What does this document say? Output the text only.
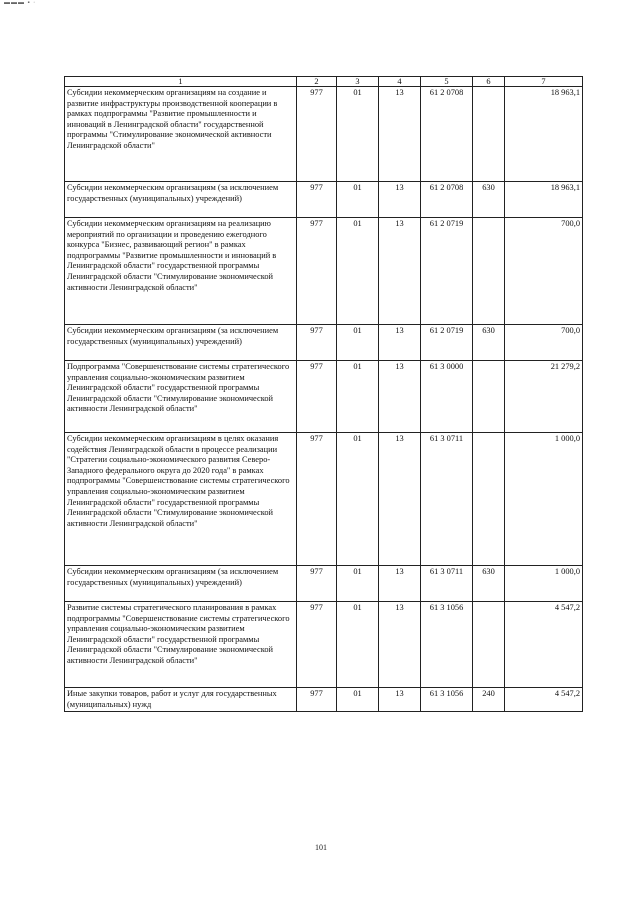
▬▬▬ ▪ ·
1	2	3	4	5	6	7
Субсидии некоммерческим организациям на создание и развитие инфраструктуры производственной кооперации в рамках подпрограммы "Развитие промышленности и инноваций в Ленинградской области" государственной программы "Стимулирование экономической активности Ленинградской области"	977	01	13	61 2 0708		18 963,1
Субсидии некоммерческим организациям (за исключением государственных (муниципальных) учреждений)	977	01	13	61 2 0708	630	18 963,1
Субсидии некоммерческим организациям на реализацию мероприятий по организации и проведению ежегодного конкурса "Бизнес, развивающий регион" в рамках подпрограммы "Развитие промышленности и инноваций в Ленинградской области" государственной программы Ленинградской области "Стимулирование экономической активности Ленинградской области"	977	01	13	61 2 0719		700,0
Субсидии некоммерческим организациям (за исключением государственных (муниципальных) учреждений)	977	01	13	61 2 0719	630	700,0
Подпрограмма "Совершенствование системы стратегического управления социально-экономическим развитием Ленинградской области" государственной программы Ленинградской области "Стимулирование экономической активности Ленинградской области"	977	01	13	61 3 0000		21 279,2
Субсидии некоммерческим организациям в целях оказания содействия Ленинградской области в процессе реализации "Стратегии социально-экономического развития Северо-Западного федерального округа до 2020 года" в рамках подпрограммы "Совершенствование системы стратегического управления социально-экономическим развитием Ленинградской области" государственной программы Ленинградской области "Стимулирование экономической активности Ленинградской области"	977	01	13	61 3 0711		1 000,0
Субсидии некоммерческим организациям (за исключением государственных (муниципальных) учреждений)	977	01	13	61 3 0711	630	1 000,0
Развитие системы стратегического планирования в рамках подпрограммы "Совершенствование системы стратегического управления социально-экономическим развитием Ленинградской области" государственной программы Ленинградской области "Стимулирование экономической активности Ленинградской области"	977	01	13	61 3 1056		4 547,2
Иные закупки товаров, работ и услуг для государственных (муниципальных) нужд	977	01	13	61 3 1056	240	4 547,2
101
